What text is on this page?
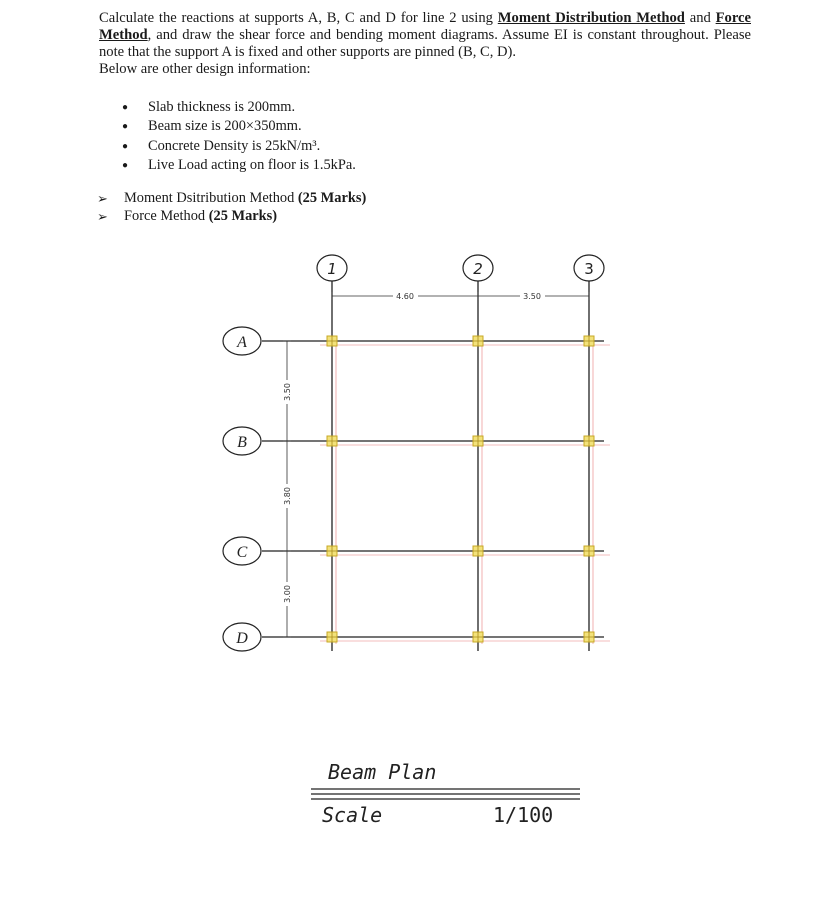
Calculate the reactions at supports A, B, C and D for line 2 using Moment Distribution Method and Force Method, and draw the shear force and bending moment diagrams. Assume EI is constant throughout. Please note that the support A is fixed and other supports are pinned (B, C, D).
Below are other design information:
● Slab thickness is 200mm.
● Beam size is 200×350mm.
● Concrete Density is 25kN/m³.
● Live Load acting on floor is 1.5kPa.
➢ Moment Dsitribution Method (25 Marks)
➢ Force Method (25 Marks)
4.60	3.50
3.50
3.80
3.00
1	2	3
A
B
C
D
Beam Plan
Scale	1/100
